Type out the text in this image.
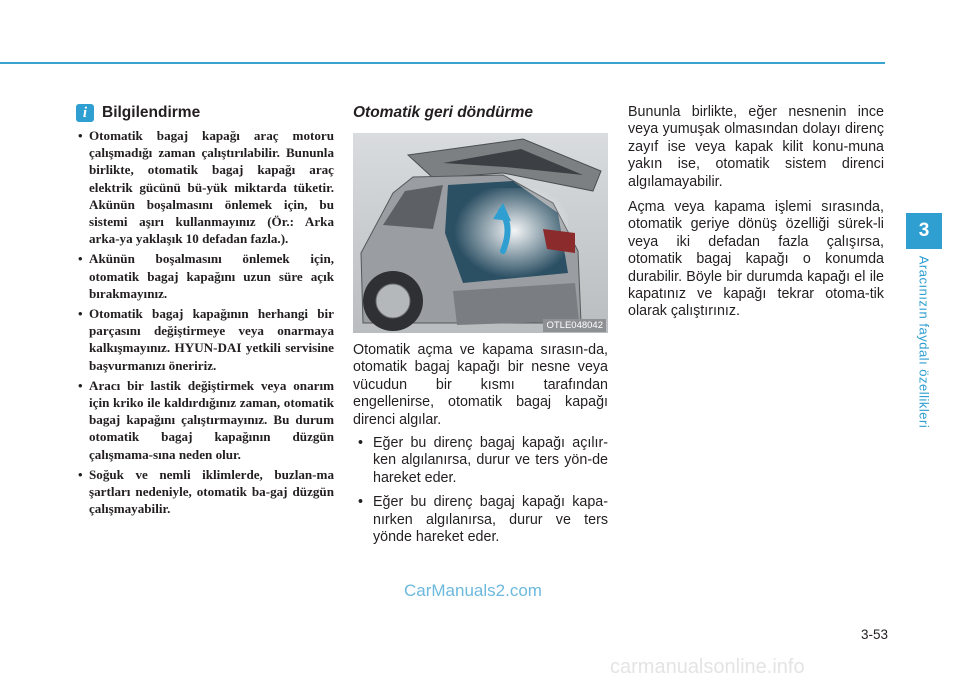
i Bilgilendirme
• Otomatik bagaj kapağı araç motoru çalışmadığı zaman çalıştırılabilir. Bununla birlikte, otomatik bagaj kapağı araç elektrik gücünü bü-yük miktarda tüketir. Akünün boşalmasını önlemek için, bu sistemi aşırı kullanmayınız (Ör.: Arka arka-ya yaklaşık 10 defadan fazla.).
• Akünün boşalmasını önlemek için, otomatik bagaj kapağını uzun süre açık bırakmayınız.
• Otomatik bagaj kapağının herhangi bir parçasını değiştirmeye veya onarmaya kalkışmayınız. HYUN-DAI yetkili servisine başvurmanızı öneririz.
• Aracı bir lastik değiştirmek veya onarım için kriko ile kaldırdığınız zaman, otomatik bagaj kapağını çalıştırmayınız. Bu durum otomatik bagaj kapağının düzgün çalışmama-sına neden olur.
• Soğuk ve nemli iklimlerde, buzlan-ma şartları nedeniyle, otomatik ba-gaj düzgün çalışmayabilir.
Otomatik geri döndürme
OTLE048042

Otomatik açma ve kapama sırasın-da, otomatik bagaj kapağı bir nesne veya vücudun bir kısmı tarafından engellenirse, otomatik bagaj kapağı direnci algılar.

• Eğer bu direnç bagaj kapağı açılır-ken algılanırsa, durur ve ters yön-de hareket eder.
• Eğer bu direnç bagaj kapağı kapa-nırken algılanırsa, durur ve ters yönde hareket eder.

Bununla birlikte, eğer nesnenin ince veya yumuşak olmasından dolayı direnç zayıf ise veya kapak kilit konu-muna yakın ise, otomatik sistem direnci algılamayabilir.

Açma veya kapama işlemi sırasında, otomatik geriye dönüş özelliği sürek-li veya iki defadan fazla çalışırsa, otomatik bagaj kapağı o konumda durabilir. Böyle bir durumda kapağı el ile kapatınız ve kapağı tekrar otoma-tik olarak çalıştırınız.

3
Aracınızın faydalı özellikleri
CarManuals2.com
3-53
carmanualsonline.info
